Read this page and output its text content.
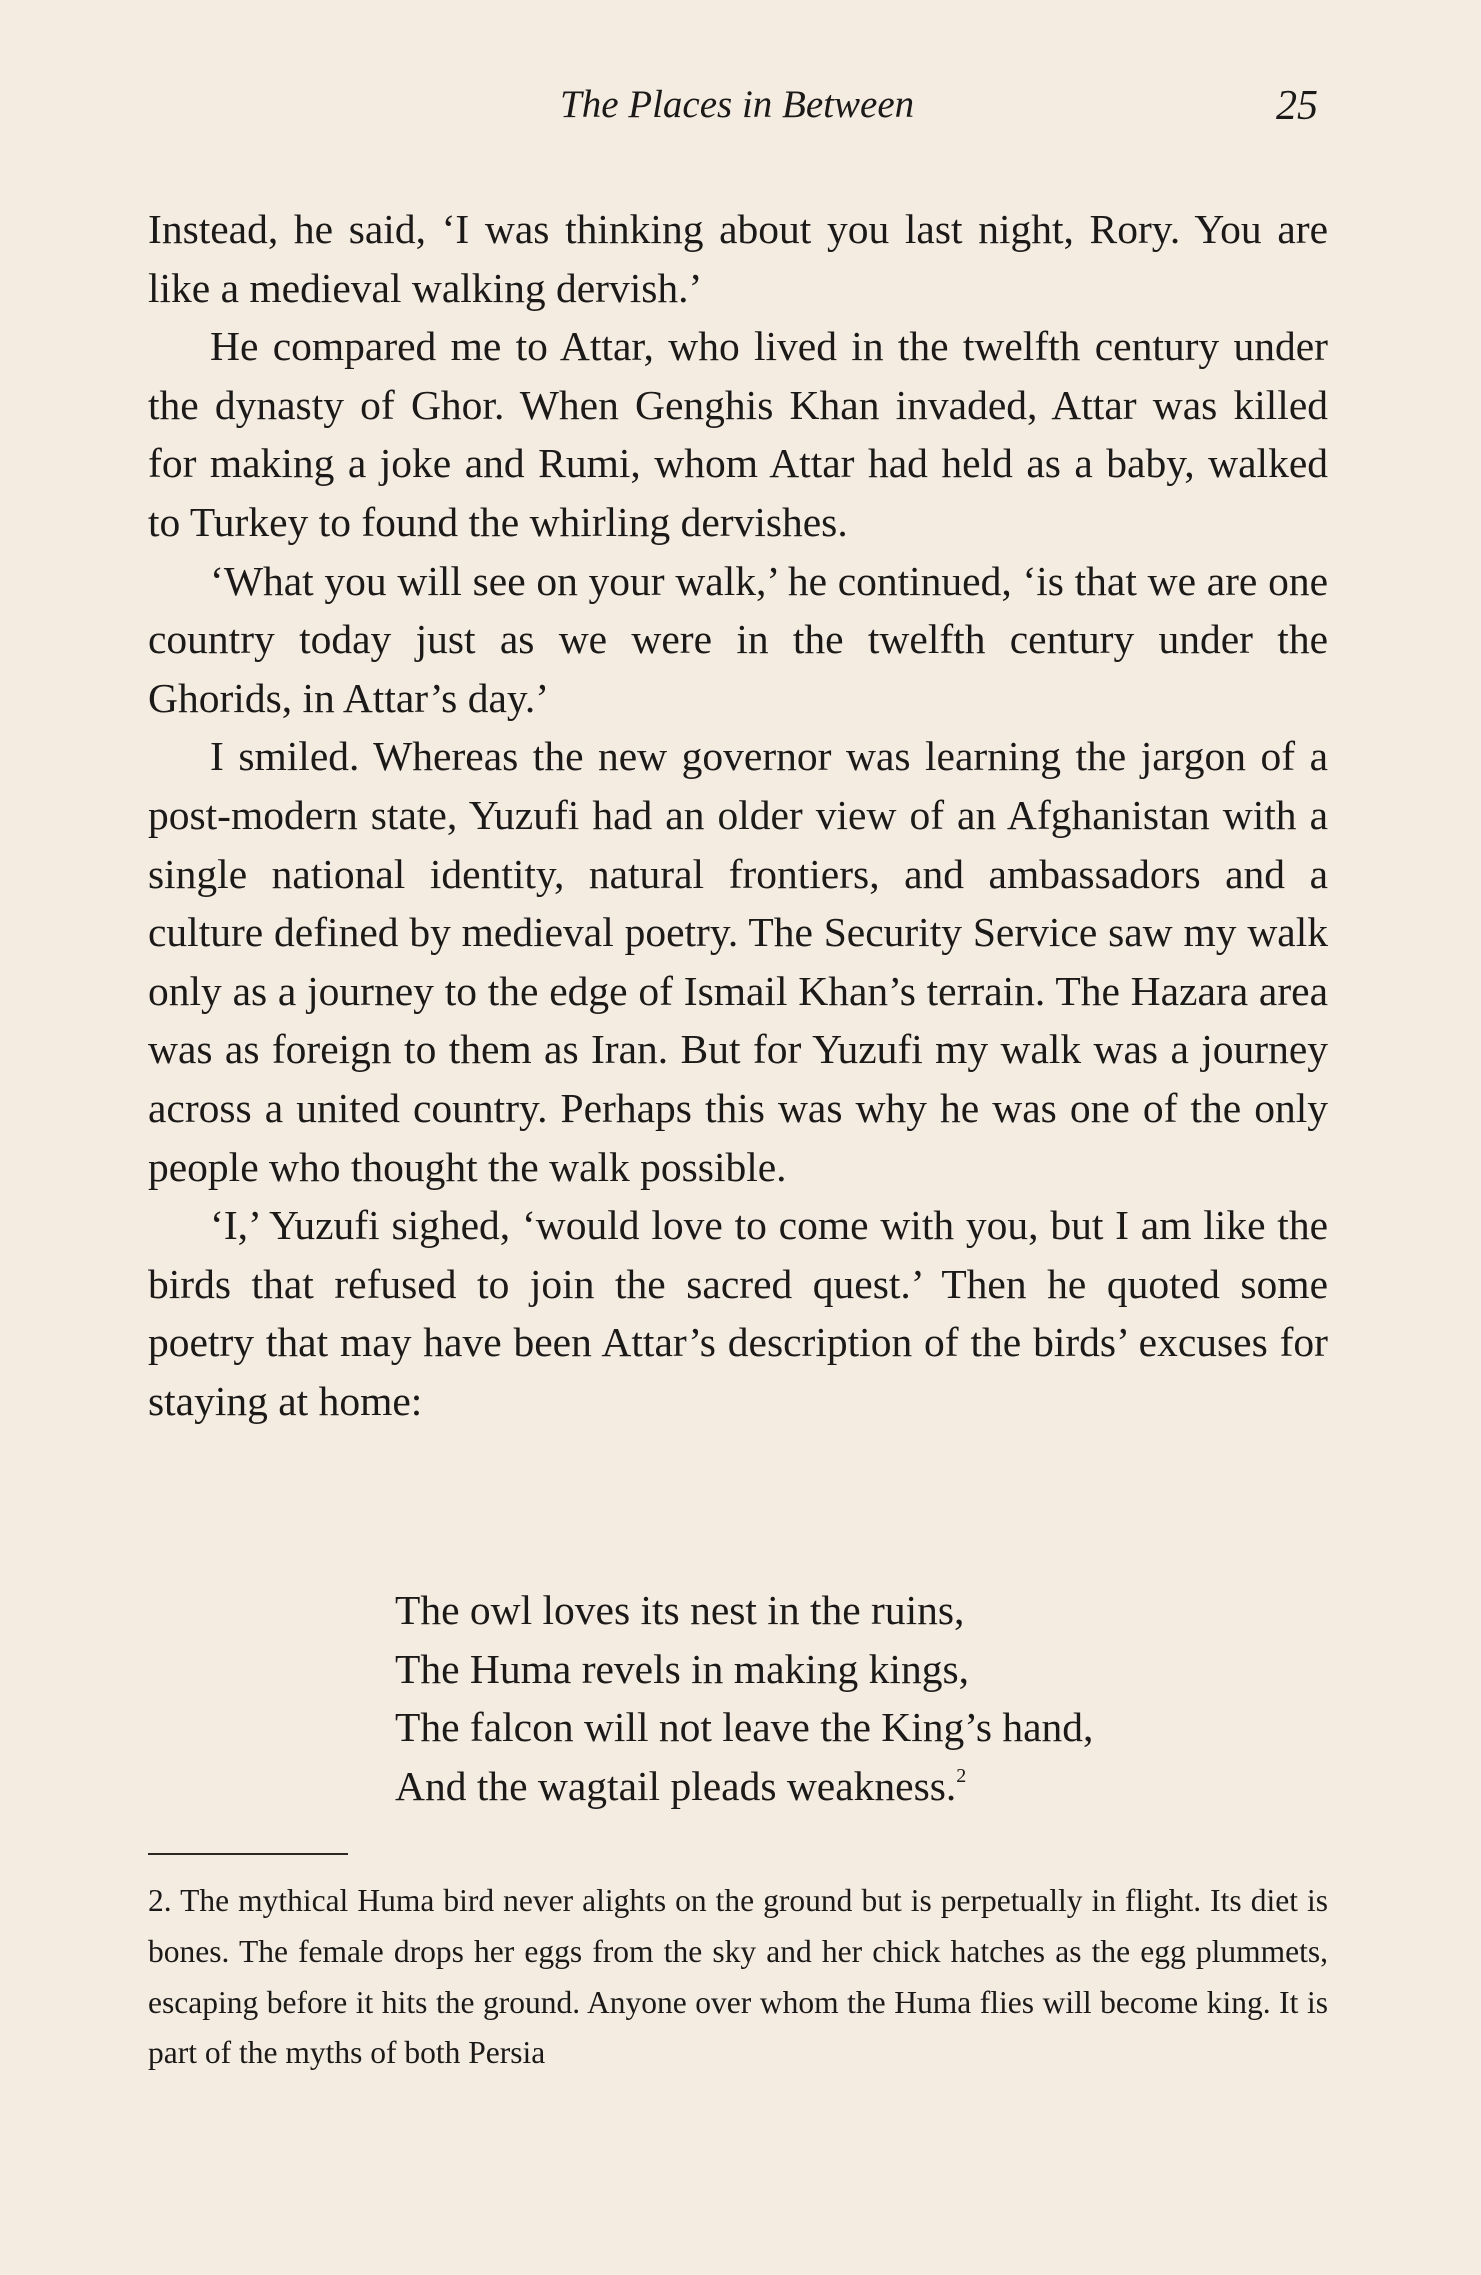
The Places in Between	25

Instead, he said, ‘I was thinking about you last night, Rory. You are like a medieval walking dervish.’

He compared me to Attar, who lived in the twelfth century under the dynasty of Ghor. When Genghis Khan invaded, Attar was killed for making a joke and Rumi, whom Attar had held as a baby, walked to Turkey to found the whirling dervishes.

‘What you will see on your walk,’ he continued, ‘is that we are one country today just as we were in the twelfth century under the Ghorids, in Attar’s day.’

I smiled. Whereas the new governor was learning the jargon of a post-modern state, Yuzufi had an older view of an Afghanistan with a single national identity, natural frontiers, and ambassadors and a culture defined by medieval poetry. The Security Service saw my walk only as a journey to the edge of Ismail Khan’s terrain. The Hazara area was as foreign to them as Iran. But for Yuzufi my walk was a journey across a united country. Perhaps this was why he was one of the only people who thought the walk possible.

‘I,’ Yuzufi sighed, ‘would love to come with you, but I am like the birds that refused to join the sacred quest.’ Then he quoted some poetry that may have been Attar’s description of the birds’ excuses for staying at home:

The owl loves its nest in the ruins,
The Huma revels in making kings,
The falcon will not leave the King’s hand,
And the wagtail pleads weakness.$^2$

2. The mythical Huma bird never alights on the ground but is perpetually in flight. Its diet is bones. The female drops her eggs from the sky and her chick hatches as the egg plummets, escaping before it hits the ground. Anyone over whom the Huma flies will become king. It is part of the myths of both Persia
